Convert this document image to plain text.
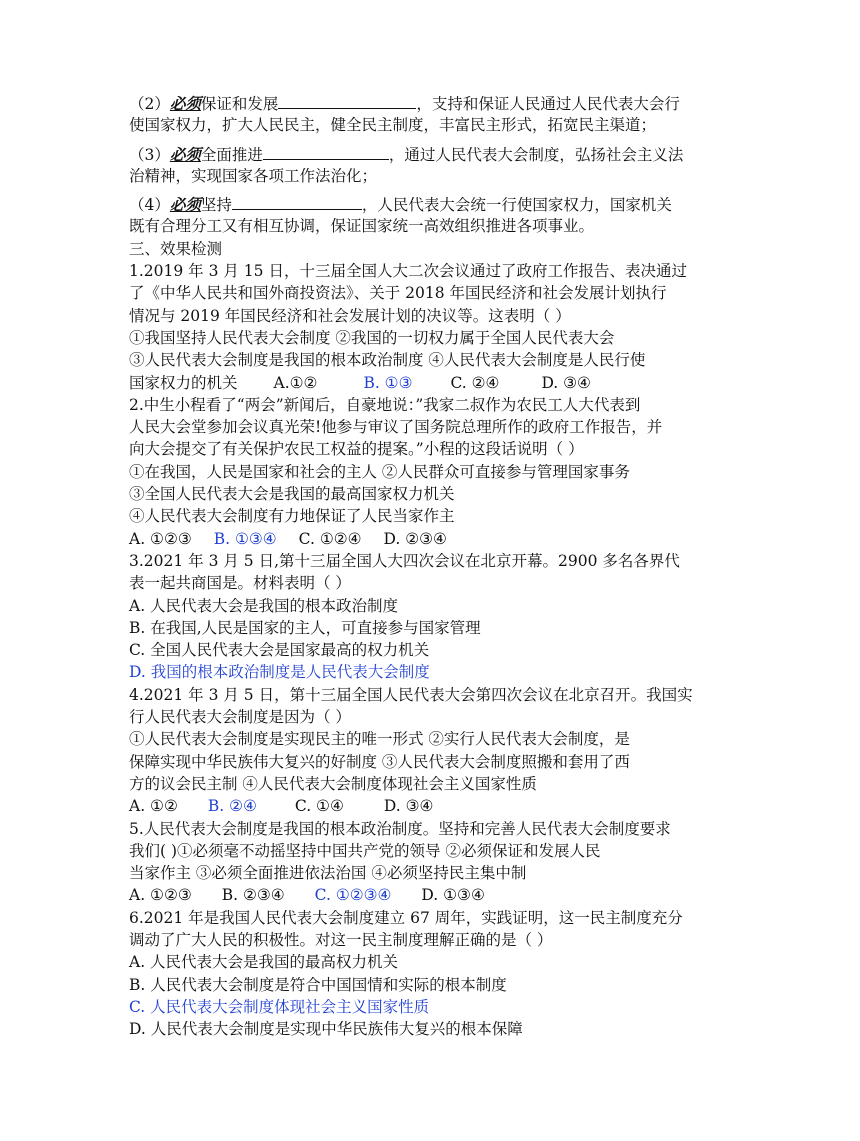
（2）必须保证和发展	，支持和保证人民通过人民代表大会行
使国家权力，扩大人民民主，健全民主制度，丰富民主形式，拓宽民主渠道；
（3）必须全面推进	，通过人民代表大会制度，弘扬社会主义法
治精神，实现国家各项工作法治化；
（4）必须坚持	，人民代表大会统一行使国家权力，国家机关
既有合理分工又有相互协调，保证国家统一高效组织推进各项事业。
三、效果检测
1.2019 年 3 月 15 日，十三届全国人大二次会议通过了政府工作报告、表决通过
了《中华人民共和国外商投资法》、关于 2018 年国民经济和社会发展计划执行
情况与 2019 年国民经济和社会发展计划的决议等。这表明（ ）
①我国坚持人民代表大会制度 ②我国的一切权力属于全国人民代表大会
③人民代表大会制度是我国的根本政治制度 ④人民代表大会制度是人民行使
国家权力的机关 A.①②	B. ①③ C. ②④	D. ③④
2.中生小程看了“两会”新闻后，自豪地说：”我家二叔作为农民工人大代表到
人民大会堂参加会议真光荣!他参与审议了国务院总理所作的政府工作报告，并
向大会提交了有关保护农民工权益的提案。”小程的这段话说明（ ）
①在我国，人民是国家和社会的主人 ②人民群众可直接参与管理国家事务
③全国人民代表大会是我国的最高国家权力机关
④人民代表大会制度有力地保证了人民当家作主
A. ①②③ B. ①③④ C. ①②④ D. ②③④
3.2021 年 3 月 5 日,第十三届全国人大四次会议在北京开幕。2900 多名各界代
表一起共商国是。材料表明（ ）
A. 人民代表大会是我国的根本政治制度
B. 在我国,人民是国家的主人，可直接参与国家管理
C. 全国人民代表大会是国家最高的权力机关
D. 我国的根本政治制度是人民代表大会制度
4.2021 年 3 月 5 日，第十三届全国人民代表大会第四次会议在北京召开。我国实
行人民代表大会制度是因为（ ）
①人民代表大会制度是实现民主的唯一形式 ②实行人民代表大会制度，是
保障实现中华民族伟大复兴的好制度 ③人民代表大会制度照搬和套用了西
方的议会民主制 ④人民代表大会制度体现社会主义国家性质
A. ①② B. ②④ C. ①④	D. ③④
5.人民代表大会制度是我国的根本政治制度。坚持和完善人民代表大会制度要求
我们( )①必须毫不动摇坚持中国共产党的领导 ②必须保证和发展人民
当家作主 ③必须全面推进依法治国 ④必须坚持民主集中制
A. ①②③ B. ②③④ C. ①②③④ D. ①③④
6.2021 年是我国人民代表大会制度建立 67 周年，实践证明，这一民主制度充分
调动了广大人民的积极性。对这一民主制度理解正确的是（ ）
A. 人民代表大会是我国的最高权力机关
B. 人民代表大会制度是符合中国国情和实际的根本制度
C. 人民代表大会制度体现社会主义国家性质
D. 人民代表大会制度是实现中华民族伟大复兴的根本保障
